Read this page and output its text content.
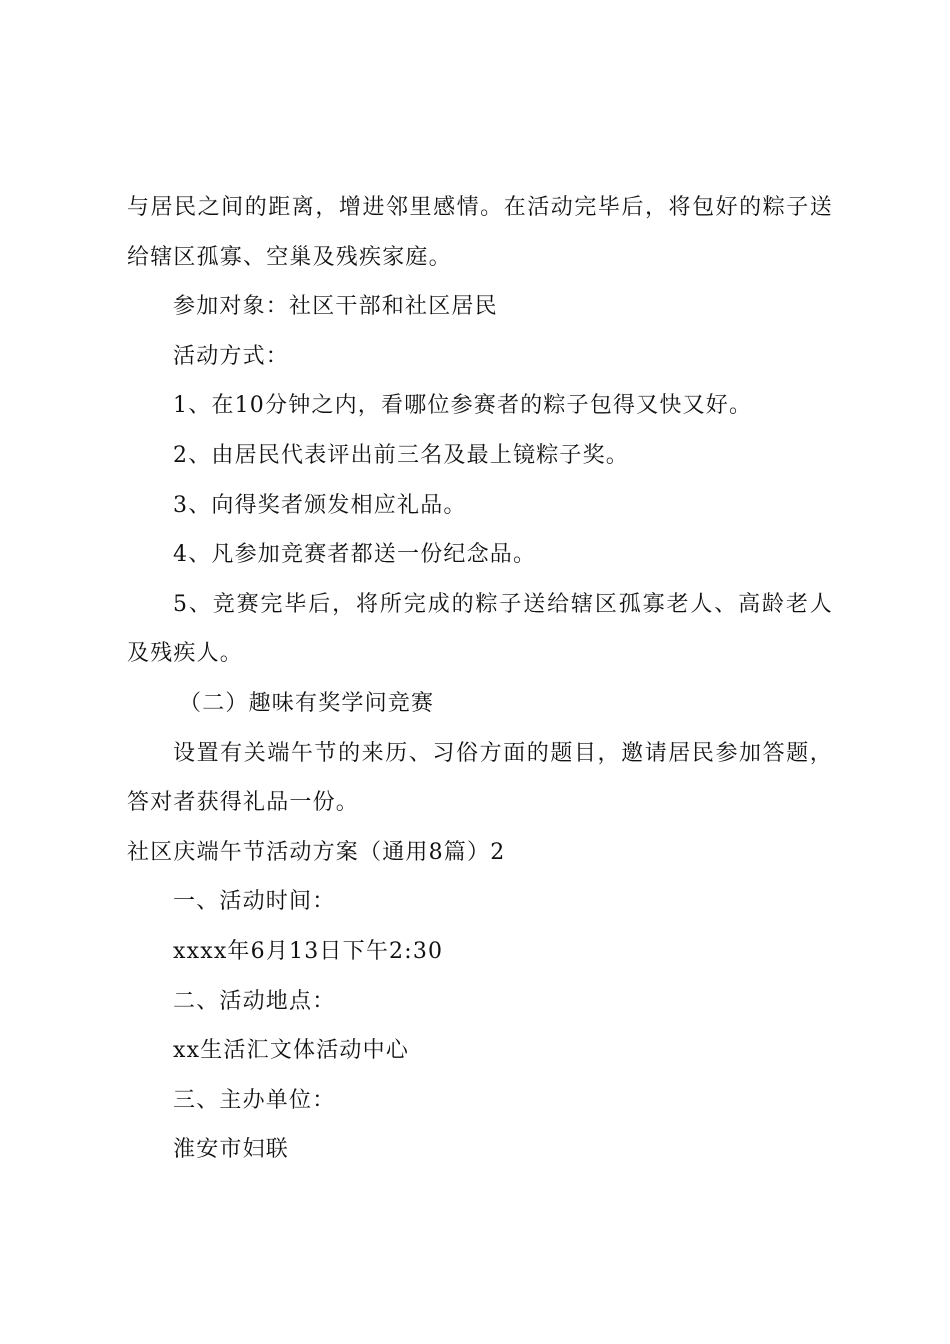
与居民之间的距离，增进邻里感情。在活动完毕后，将包好的粽子送给辖区孤寡、空巢及残疾家庭。

参加对象：社区干部和社区居民

活动方式：

1、在10分钟之内，看哪位参赛者的粽子包得又快又好。

2、由居民代表评出前三名及最上镜粽子奖。

3、向得奖者颁发相应礼品。

4、凡参加竞赛者都送一份纪念品。

5、竞赛完毕后，将所完成的粽子送给辖区孤寡老人、高龄老人及残疾人。

（二）趣味有奖学问竞赛

设置有关端午节的来历、习俗方面的题目，邀请居民参加答题，答对者获得礼品一份。

社区庆端午节活动方案（通用8篇）2

一、活动时间：

xxxx年6月13日下午2:30

二、活动地点：

xx生活汇文体活动中心

三、主办单位：

淮安市妇联
